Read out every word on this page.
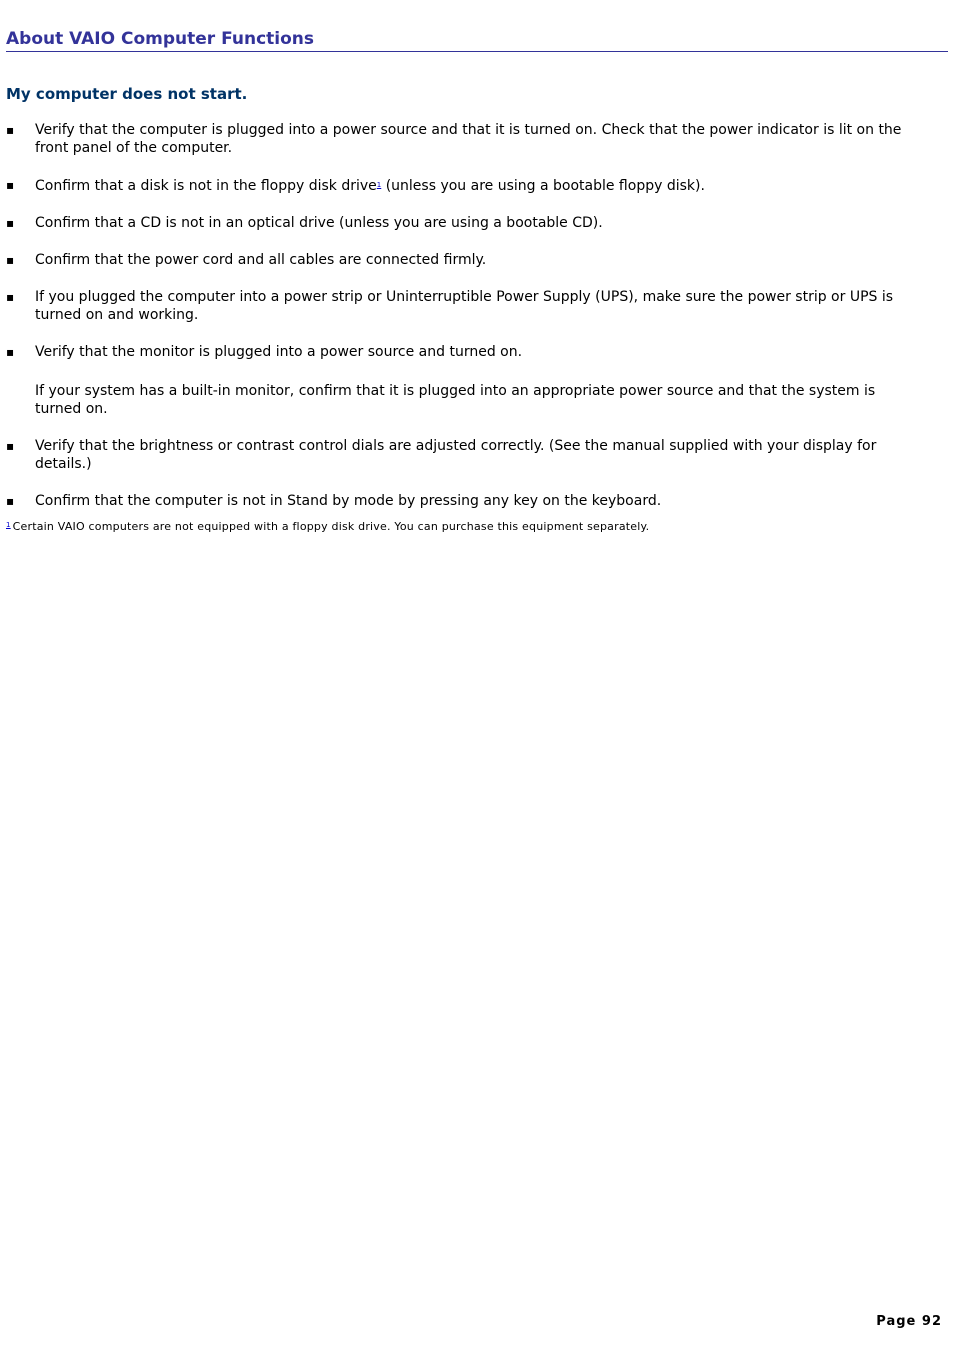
About VAIO Computer Functions
My computer does not start.
▪ Verify that the computer is plugged into a power source and that it is turned on. Check that the power indicator is lit on the front panel of the computer.
▪ Confirm that a disk is not in the floppy disk drive$^1$ (unless you are using a bootable floppy disk).
▪ Confirm that a CD is not in an optical drive (unless you are using a bootable CD).
▪ Confirm that the power cord and all cables are connected firmly.
▪ If you plugged the computer into a power strip or Uninterruptible Power Supply (UPS), make sure the power strip or UPS is turned on and working.
▪ Verify that the monitor is plugged into a power source and turned on.

If your system has a built-in monitor, confirm that it is plugged into an appropriate power source and that the system is turned on.

▪ Verify that the brightness or contrast control dials are adjusted correctly. (See the manual supplied with your display for details.)
▪ Confirm that the computer is not in Stand by mode by pressing any key on the keyboard.
$^1$ Certain VAIO computers are not equipped with a floppy disk drive. You can purchase this equipment separately.
Page 92
